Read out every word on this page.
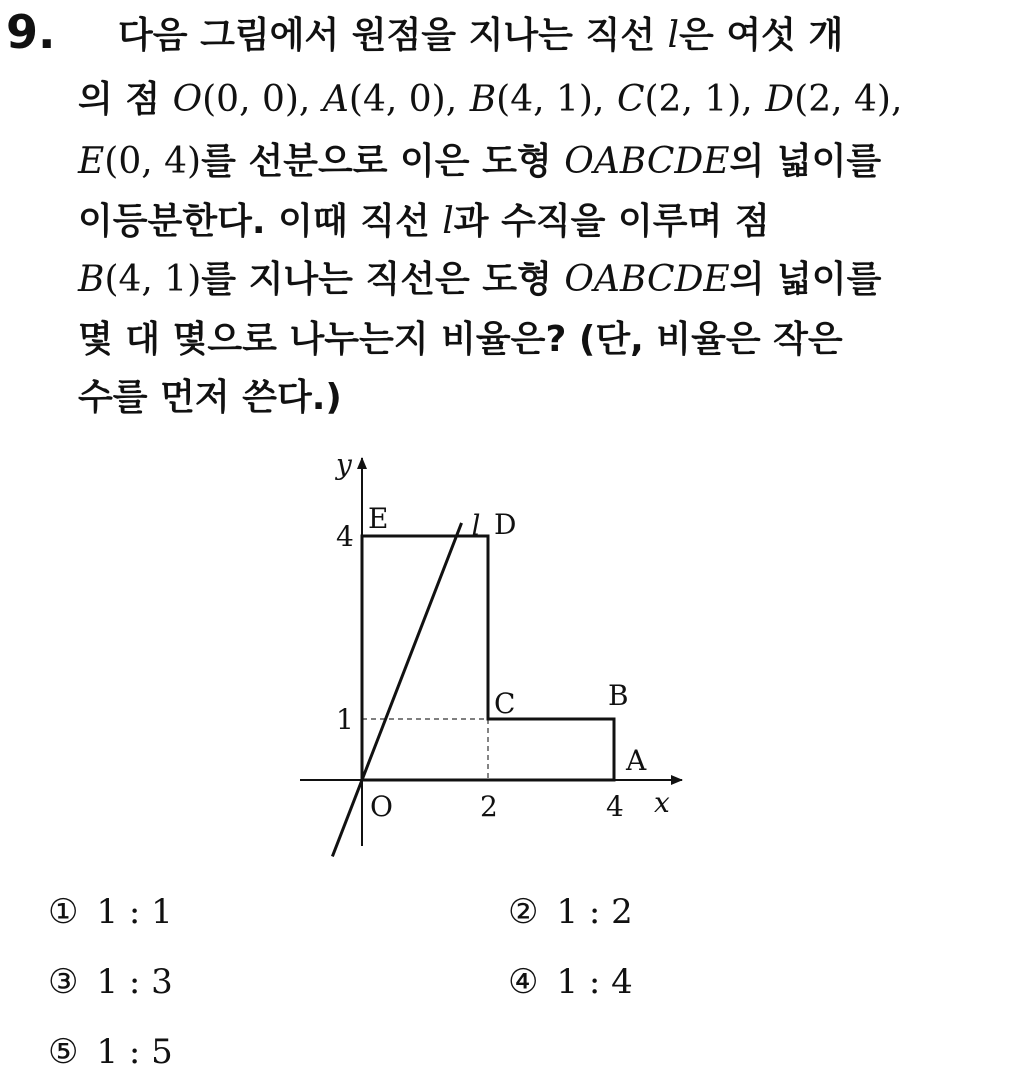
9. 다음 그림에서 원점을 지나는 직선 l은 여섯 개
의 점 O(0, 0), A(4, 0), B(4, 1), C(2, 1), D(2, 4),
E(0, 4)를 선분으로 이은 도형 OABCDE의 넓이를
이등분한다. 이때 직선 l과 수직을 이루며 점
B(4, 1)를 지나는 직선은 도형 OABCDE의 넓이를
몇 대 몇으로 나누는지 비율은? (단, 비율은 작은
수를 먼저 쓴다.)
O
A
B
C
D
E
2	4
1
4
x
y
l
① 1 : 1	② 1 : 2
③ 1 : 3	④ 1 : 4
⑤ 1 : 5
